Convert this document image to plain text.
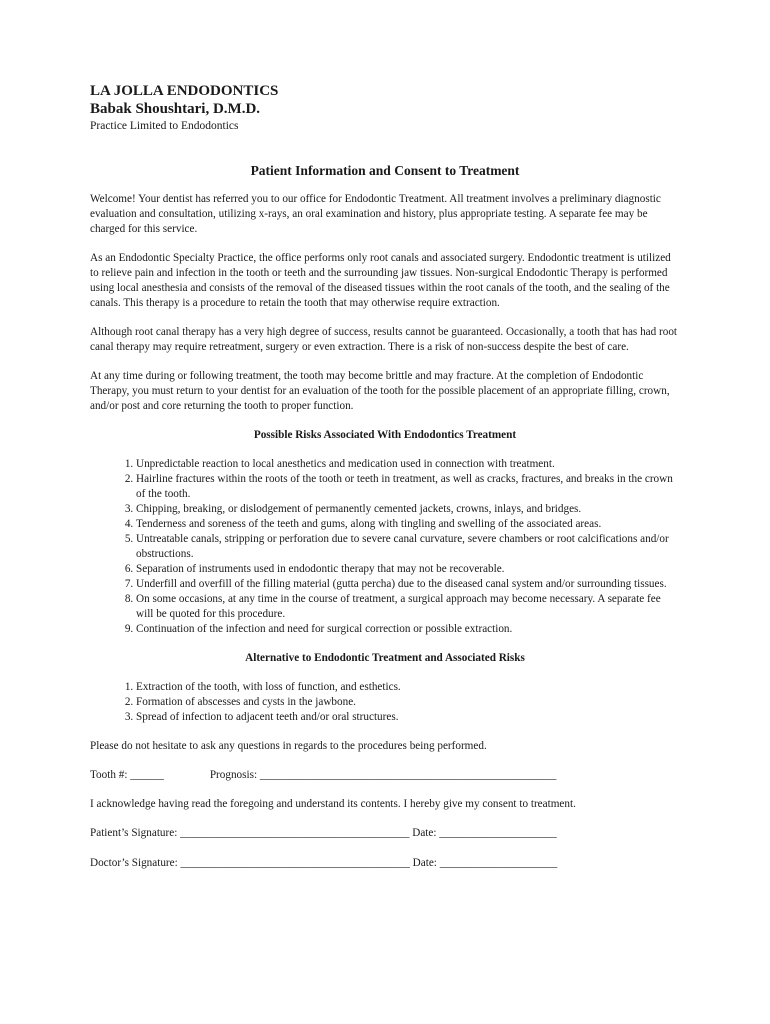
LA JOLLA ENDODONTICS

Babak Shoushtari, D.M.D.

Practice Limited to Endodontics

Patient Information and Consent to Treatment

Welcome! Your dentist has referred you to our office for Endodontic Treatment. All treatment involves a preliminary diagnostic evaluation and consultation, utilizing x-rays, an oral examination and history, plus appropriate testing. A separate fee may be charged for this service.

As an Endodontic Specialty Practice, the office performs only root canals and associated surgery. Endodontic treatment is utilized to relieve pain and infection in the tooth or teeth and the surrounding jaw tissues. Non-surgical Endodontic Therapy is performed using local anesthesia and consists of the removal of the diseased tissues within the root canals of the tooth, and the sealing of the canals. This therapy is a procedure to retain the tooth that may otherwise require extraction.

Although root canal therapy has a very high degree of success, results cannot be guaranteed. Occasionally, a tooth that has had root canal therapy may require retreatment, surgery or even extraction. There is a risk of non-success despite the best of care.

At any time during or following treatment, the tooth may become brittle and may fracture. At the completion of Endodontic Therapy, you must return to your dentist for an evaluation of the tooth for the possible placement of an appropriate filling, crown, and/or post and core returning the tooth to proper function.

Possible Risks Associated With Endodontics Treatment

1. Unpredictable reaction to local anesthetics and medication used in connection with treatment.
2. Hairline fractures within the roots of the tooth or teeth in treatment, as well as cracks, fractures, and breaks in the crown of the tooth.
3. Chipping, breaking, or dislodgement of permanently cemented jackets, crowns, inlays, and bridges.
4. Tenderness and soreness of the teeth and gums, along with tingling and swelling of the associated areas.
5. Untreatable canals, stripping or perforation due to severe canal curvature, severe chambers or root calcifications and/or obstructions.
6. Separation of instruments used in endodontic therapy that may not be recoverable.
7. Underfill and overfill of the filling material (gutta percha) due to the diseased canal system and/or surrounding tissues.
8. On some occasions, at any time in the course of treatment, a surgical approach may become necessary. A separate fee will be quoted for this procedure.
9. Continuation of the infection and need for surgical correction or possible extraction.

Alternative to Endodontic Treatment and Associated Risks

1. Extraction of the tooth, with loss of function, and esthetics.
2. Formation of abscesses and cysts in the jawbone.
3. Spread of infection to adjacent teeth and/or oral structures.

Please do not hesitate to ask any questions in regards to the procedures being performed.

Tooth #: ______	Prognosis: _____________________________________________________

I acknowledge having read the foregoing and understand its contents. I hereby give my consent to treatment.

Patient’s Signature: _________________________________________ Date: _____________________

Doctor’s Signature: _________________________________________ Date: _____________________
